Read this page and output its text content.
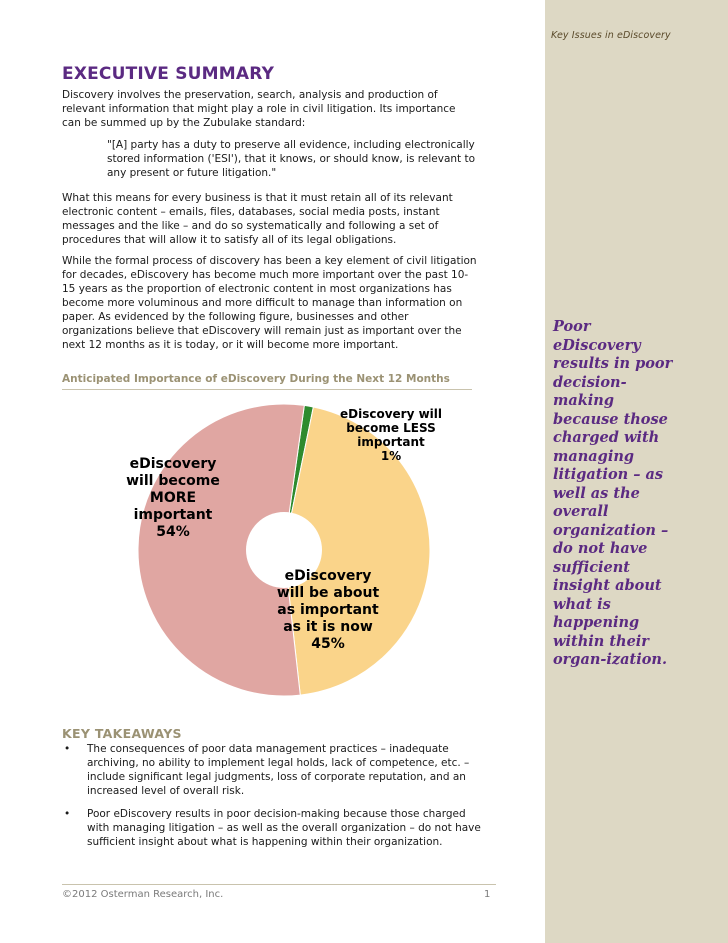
Key Issues in eDiscovery
Poor eDiscovery results in poor decision-making because those charged with managing litigation – as well as the overall organization – do not have sufficient insight about what is happening within their organ-ization.
EXECUTIVE SUMMARY

Discovery involves the preservation, search, analysis and production of relevant information that might play a role in civil litigation. Its importance can be summed up by the Zubulake standard:

"[A] party has a duty to preserve all evidence, including electronically stored information ('ESI'), that it knows, or should know, is relevant to any present or future litigation."
What this means for every business is that it must retain all of its relevant electronic content – emails, files, databases, social media posts, instant messages and the like – and do so systematically and following a set of procedures that will allow it to satisfy all of its legal obligations.
While the formal process of discovery has been a key element of civil litigation for decades, eDiscovery has become much more important over the past 10-15 years as the proportion of electronic content in most organizations has become more voluminous and more difficult to manage than information on paper. As evidenced by the following figure, businesses and other organizations believe that eDiscovery will remain just as important over the next 12 months as it is today, or it will become more important.
Anticipated Importance of eDiscovery During the Next 12 Months
eDiscovery will become LESS important 1%
eDiscovery will be about as important as it is now 45%
eDiscovery will become MORE important 54%
KEY TAKEAWAYS
• The consequences of poor data management practices – inadequate archiving, no ability to implement legal holds, lack of competence, etc. – include significant legal judgments, loss of corporate reputation, and an increased level of overall risk.
• Poor eDiscovery results in poor decision-making because those charged with managing litigation – as well as the overall organization – do not have sufficient insight about what is happening within their organization.
©2012 Osterman Research, Inc.	1
